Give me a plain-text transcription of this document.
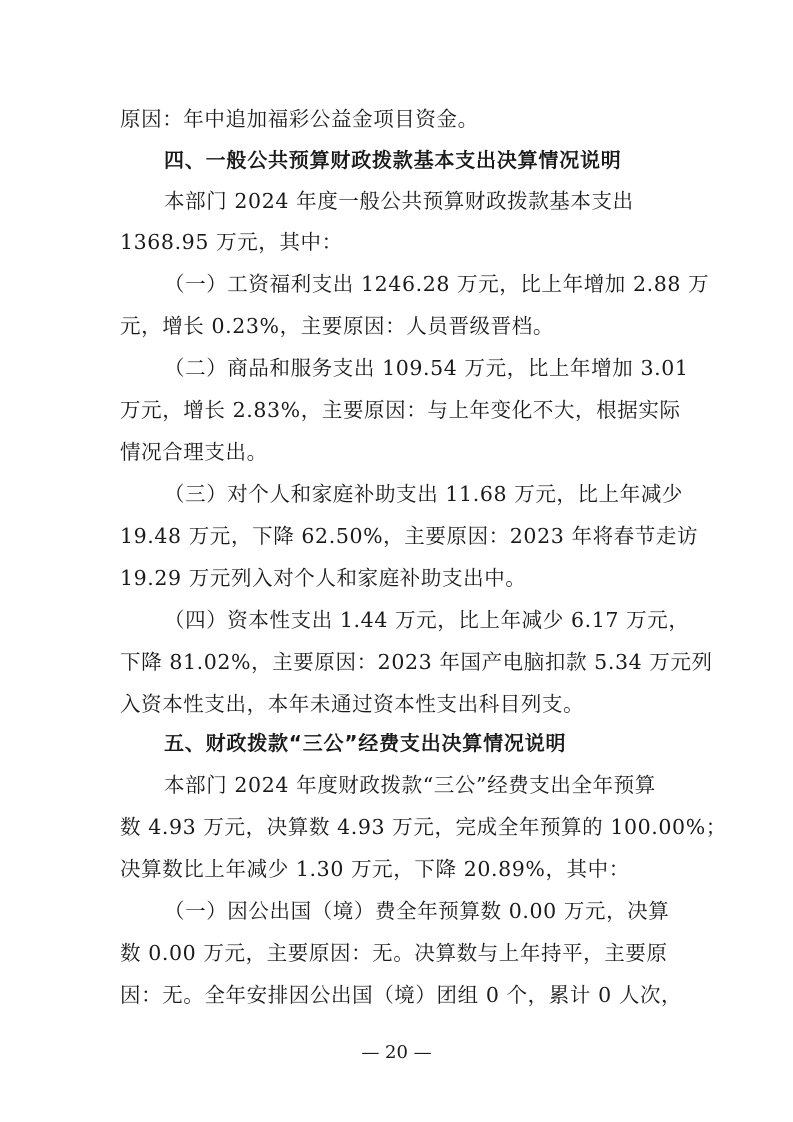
原因：年中追加福彩公益金项目资金。

四、一般公共预算财政拨款基本支出决算情况说明

本部门 2024 年度一般公共预算财政拨款基本支出

1368.95 万元，其中：

（一）工资福利支出 1246.28 万元，比上年增加 2.88 万

元，增长 0.23%，主要原因：人员晋级晋档。

（二）商品和服务支出 109.54 万元，比上年增加 3.01

万元，增长 2.83%，主要原因：与上年变化不大，根据实际

情况合理支出。

（三）对个人和家庭补助支出 11.68 万元，比上年减少

19.48 万元，下降 62.50%，主要原因：2023 年将春节走访

19.29 万元列入对个人和家庭补助支出中。

（四）资本性支出 1.44 万元，比上年减少 6.17 万元，

下降 81.02%，主要原因：2023 年国产电脑扣款 5.34 万元列

入资本性支出，本年未通过资本性支出科目列支。

五、财政拨款“三公”经费支出决算情况说明

本部门 2024 年度财政拨款“三公”经费支出全年预算

数 4.93 万元，决算数 4.93 万元，完成全年预算的 100.00%；

决算数比上年减少 1.30 万元，下降 20.89%，其中：

（一）因公出国（境）费全年预算数 0.00 万元，决算

数 0.00 万元，主要原因：无。决算数与上年持平，主要原

因：无。全年安排因公出国（境）团组 0 个，累计 0 人次，

— 20 —
